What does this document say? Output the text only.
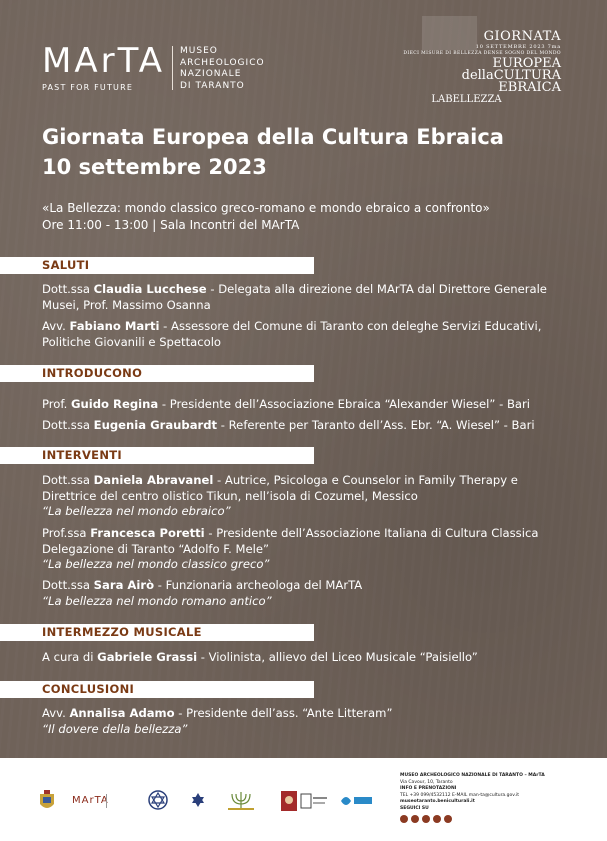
MArTA
PAST FOR FUTURE
MUSEO
ARCHEOLOGICO
NAZIONALE
DI TARANTO
GIORNATA
10 SETTEMBRE 2023 7ma
DIECI MISURE DI BELLEZZA DENSE SOGNO DEL MONDO
EUROPEA
dellaCULTURA
EBRAICA
LABELLEZZA
Giornata Europea della Cultura Ebraica
10 settembre 2023
«La Bellezza: mondo classico greco-romano e mondo ebraico a confronto»
Ore 11:00 - 13:00 | Sala Incontri del MArTA
SALUTI
Dott.ssa Claudia Lucchese - Delegata alla direzione del MArTA dal Direttore Generale Musei, Prof. Massimo Osanna
Avv. Fabiano Marti - Assessore del Comune di Taranto con deleghe Servizi Educativi, Politiche Giovanili e Spettacolo
INTRODUCONO
Prof. Guido Regina - Presidente dell’Associazione Ebraica “Alexander Wiesel” - Bari
Dott.ssa Eugenia Graubardt - Referente per Taranto dell’Ass. Ebr. “A. Wiesel” - Bari
INTERVENTI
Dott.ssa Daniela Abravanel - Autrice, Psicologa e Counselor in Family Therapy e Direttrice del centro olistico Tikun, nell’isola di Cozumel, Messico
“La bellezza nel mondo ebraico”
Prof.ssa Francesca Poretti - Presidente dell’Associazione Italiana di Cultura Classica Delegazione di Taranto “Adolfo F. Mele”
“La bellezza nel mondo classico greco”
Dott.ssa Sara Airò - Funzionaria archeologa del MArTA
“La bellezza nel mondo romano antico”
INTERMEZZO MUSICALE
A cura di Gabriele Grassi - Violinista, allievo del Liceo Musicale “Paisiello”
CONCLUSIONI
Avv. Annalisa Adamo - Presidente dell’ass. “Ante Litteram”
“Il dovere della bellezza”
MArTA
MUSEO ARCHEOLOGICO NAZIONALE DI TARANTO – MArTA
Via Cavour, 10, Taranto
INFO E PRENOTAZIONI
TEL +39 099/4532112 E-MAIL man-ta@cultura.gov.it
museotaranto.beniculturali.it
SEGUICI SU
